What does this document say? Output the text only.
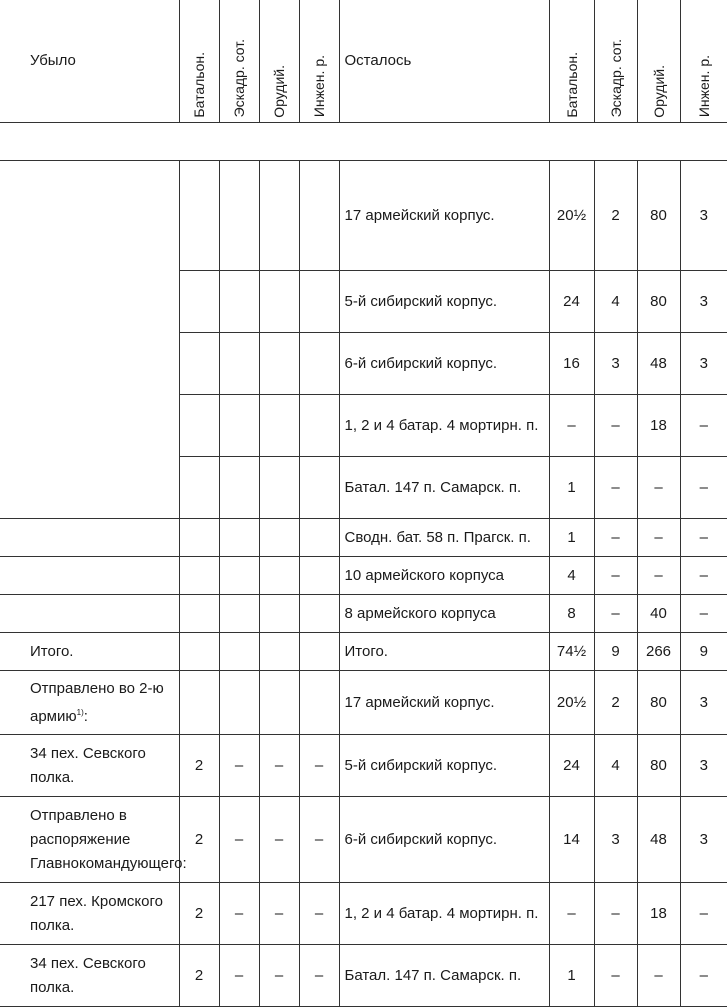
Убыло	Батальон.	Эскадр. сот.	Орудий.	Инжен. р.	Осталось	Батальон.	Эскадр. сот.	Орудий.	Инжен. р.
					17 армейский корпус.	20½	2	80	3
					5-й сибирский корпус.	24	4	80	3
					6-й сибирский корпус.	16	3	48	3
					1, 2 и 4 батар. 4 мортирн. п.	–	–	18	–
					Батал. 147 п. Самарск. п.	1	–	–	–
					Сводн. бат. 58 п. Прагск. п.	1	–	–	–
					10 армейского корпуса	4	–	–	–
					8 армейского корпуса	8	–	40	–
Итого.					Итого.	74½	9	266	9
Отправлено во 2-ю армию$^{1)}$:					17 армейский корпус.	20½	2	80	3
34 пех. Севского полка.	2	–	–	–	5-й сибирский корпус.	24	4	80	3
Отправлено в распоряжение Главнокомандующего:	2	–	–	–	6-й сибирский корпус.	14	3	48	3
217 пех. Кромского полка.	2	–	–	–	1, 2 и 4 батар. 4 мортирн. п.	–	–	18	–
34 пех. Севского полка.	2	–	–	–	Батал. 147 п. Самарск. п.	1	–	–	–
